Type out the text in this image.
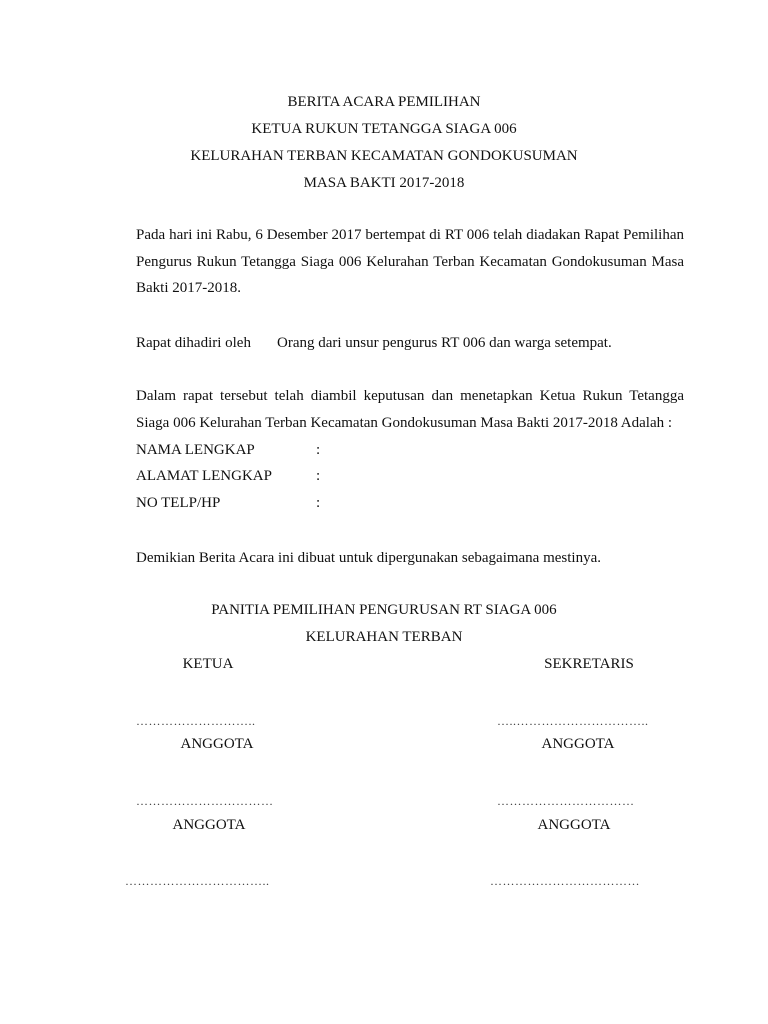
BERITA ACARA PEMILIHAN
KETUA RUKUN TETANGGA SIAGA 006
KELURAHAN TERBAN KECAMATAN GONDOKUSUMAN
MASA BAKTI 2017-2018
Pada hari ini Rabu, 6 Desember 2017 bertempat di RT 006 telah diadakan Rapat Pemilihan Pengurus Rukun Tetangga Siaga 006 Kelurahan Terban Kecamatan Gondokusuman Masa Bakti 2017-2018.
Rapat dihadiri oleh Orang dari unsur pengurus RT 006 dan warga setempat.
Dalam rapat tersebut telah diambil keputusan dan menetapkan Ketua Rukun Tetangga Siaga 006 Kelurahan Terban Kecamatan Gondokusuman Masa Bakti 2017-2018 Adalah :
NAMA LENGKAP	:
ALAMAT LENGKAP	:
NO TELP/HP	:
Demikian Berita Acara ini dibuat untuk dipergunakan sebagaimana mestinya.
PANITIA PEMILIHAN PENGURUSAN RT SIAGA 006
KELURAHAN TERBAN
KETUA	SEKRETARIS
………………………..	…..…………………………..
ANGGOTA	ANGGOTA
……………………………	……………………………
ANGGOTA	ANGGOTA
……………………………..	………………………………
